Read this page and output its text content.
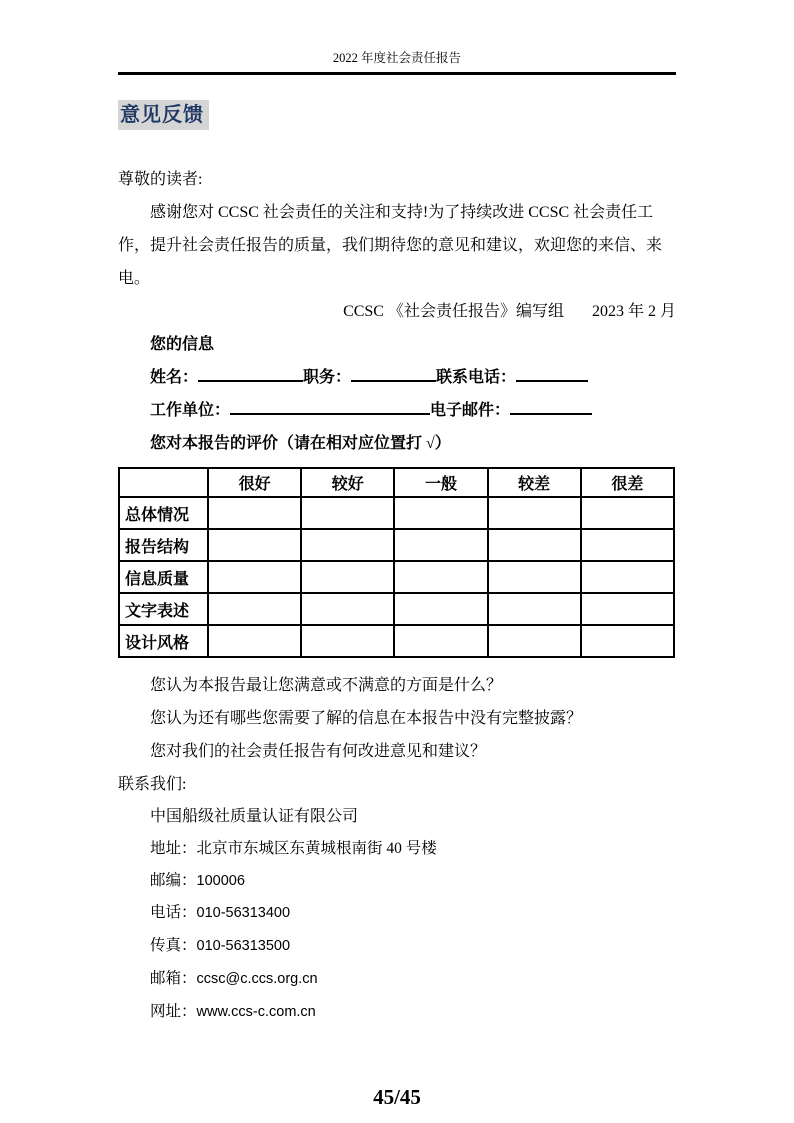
2022 年度社会责任报告
意见反馈

尊敬的读者:

感谢您对 CCSC 社会责任的关注和支持!为了持续改进 CCSC 社会责任工作，提升社会责任报告的质量，我们期待您的意见和建议，欢迎您的来信、来电。

CCSC 《社会责任报告》编写组 2023 年 2 月

您的信息

姓名：	职务：	联系电话：

工作单位：	电子邮件：

您对本报告的评价（请在相对应位置打 √）

	很好	较好	一般	较差	很差
总体情况					
报告结构					
信息质量					
文字表述					
设计风格					

您认为本报告最让您满意或不满意的方面是什么？

您认为还有哪些您需要了解的信息在本报告中没有完整披露？

您对我们的社会责任报告有何改进意见和建议？

联系我们:

中国船级社质量认证有限公司

地址：北京市东城区东黄城根南街 40 号楼

邮编：100006

电话：010-56313400

传真：010-56313500

邮箱：ccsc@c.ccs.org.cn

网址：www.ccs-c.com.cn

45/45
